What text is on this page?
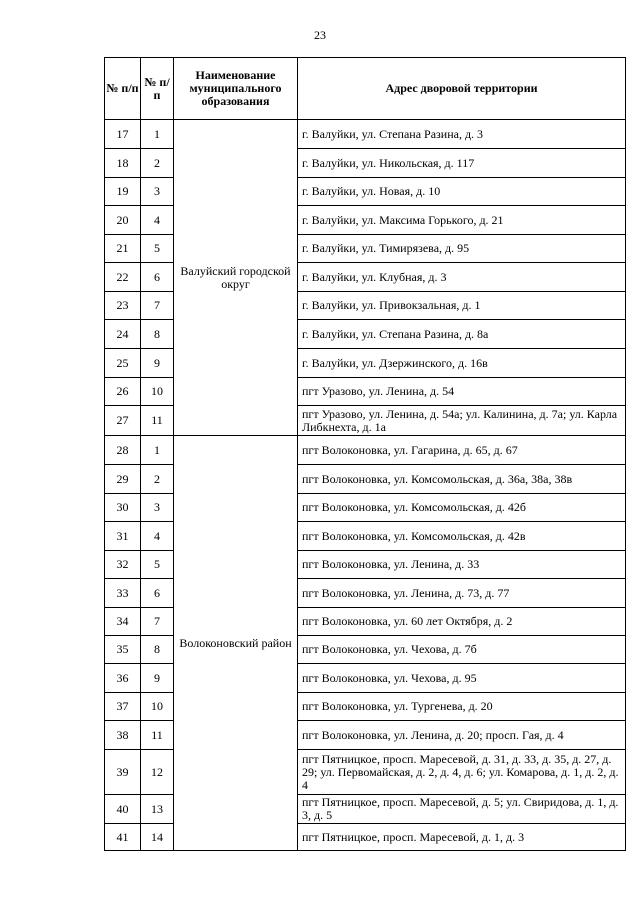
23
№ п/п	№ п/п	Наименование муниципального образования	Адрес дворовой территории
17	1	Валуйский городской округ	г. Валуйки, ул. Степана Разина, д. 3
18	2		г. Валуйки, ул. Никольская, д. 117
19	3		г. Валуйки, ул. Новая, д. 10
20	4		г. Валуйки, ул. Максима Горького, д. 21
21	5		г. Валуйки, ул. Тимирязева, д. 95
22	6		г. Валуйки, ул. Клубная, д. 3
23	7		г. Валуйки, ул. Привокзальная, д. 1
24	8		г. Валуйки, ул. Степана Разина, д. 8а
25	9		г. Валуйки, ул. Дзержинского, д. 16в
26	10		пгт Уразово, ул. Ленина, д. 54
27	11		пгт Уразово, ул. Ленина, д. 54а; ул. Калинина, д. 7а; ул. Карла Либкнехта, д. 1а
28	1	Волоконовский район	пгт Волоконовка, ул. Гагарина, д. 65, д. 67
29	2		пгт Волоконовка, ул. Комсомольская, д. 36а, 38а, 38в
30	3		пгт Волоконовка, ул. Комсомольская, д. 42б
31	4		пгт Волоконовка, ул. Комсомольская, д. 42в
32	5		пгт Волоконовка, ул. Ленина, д. 33
33	6		пгт Волоконовка, ул. Ленина, д. 73, д. 77
34	7		пгт Волоконовка, ул. 60 лет Октября, д. 2
35	8		пгт Волоконовка, ул. Чехова, д. 7б
36	9		пгт Волоконовка, ул. Чехова, д. 95
37	10		пгт Волоконовка, ул. Тургенева, д. 20
38	11		пгт Волоконовка, ул. Ленина, д. 20; просп. Гая, д. 4
39	12		пгт Пятницкое, просп. Маресевой, д. 31, д. 33, д. 35, д. 27, д. 29; ул. Первомайская, д. 2, д. 4, д. 6; ул. Комарова, д. 1, д. 2, д. 4
40	13		пгт Пятницкое, просп. Маресевой, д. 5; ул. Свиридова, д. 1, д. 3, д. 5
41	14		пгт Пятницкое, просп. Маресевой, д. 1, д. 3
